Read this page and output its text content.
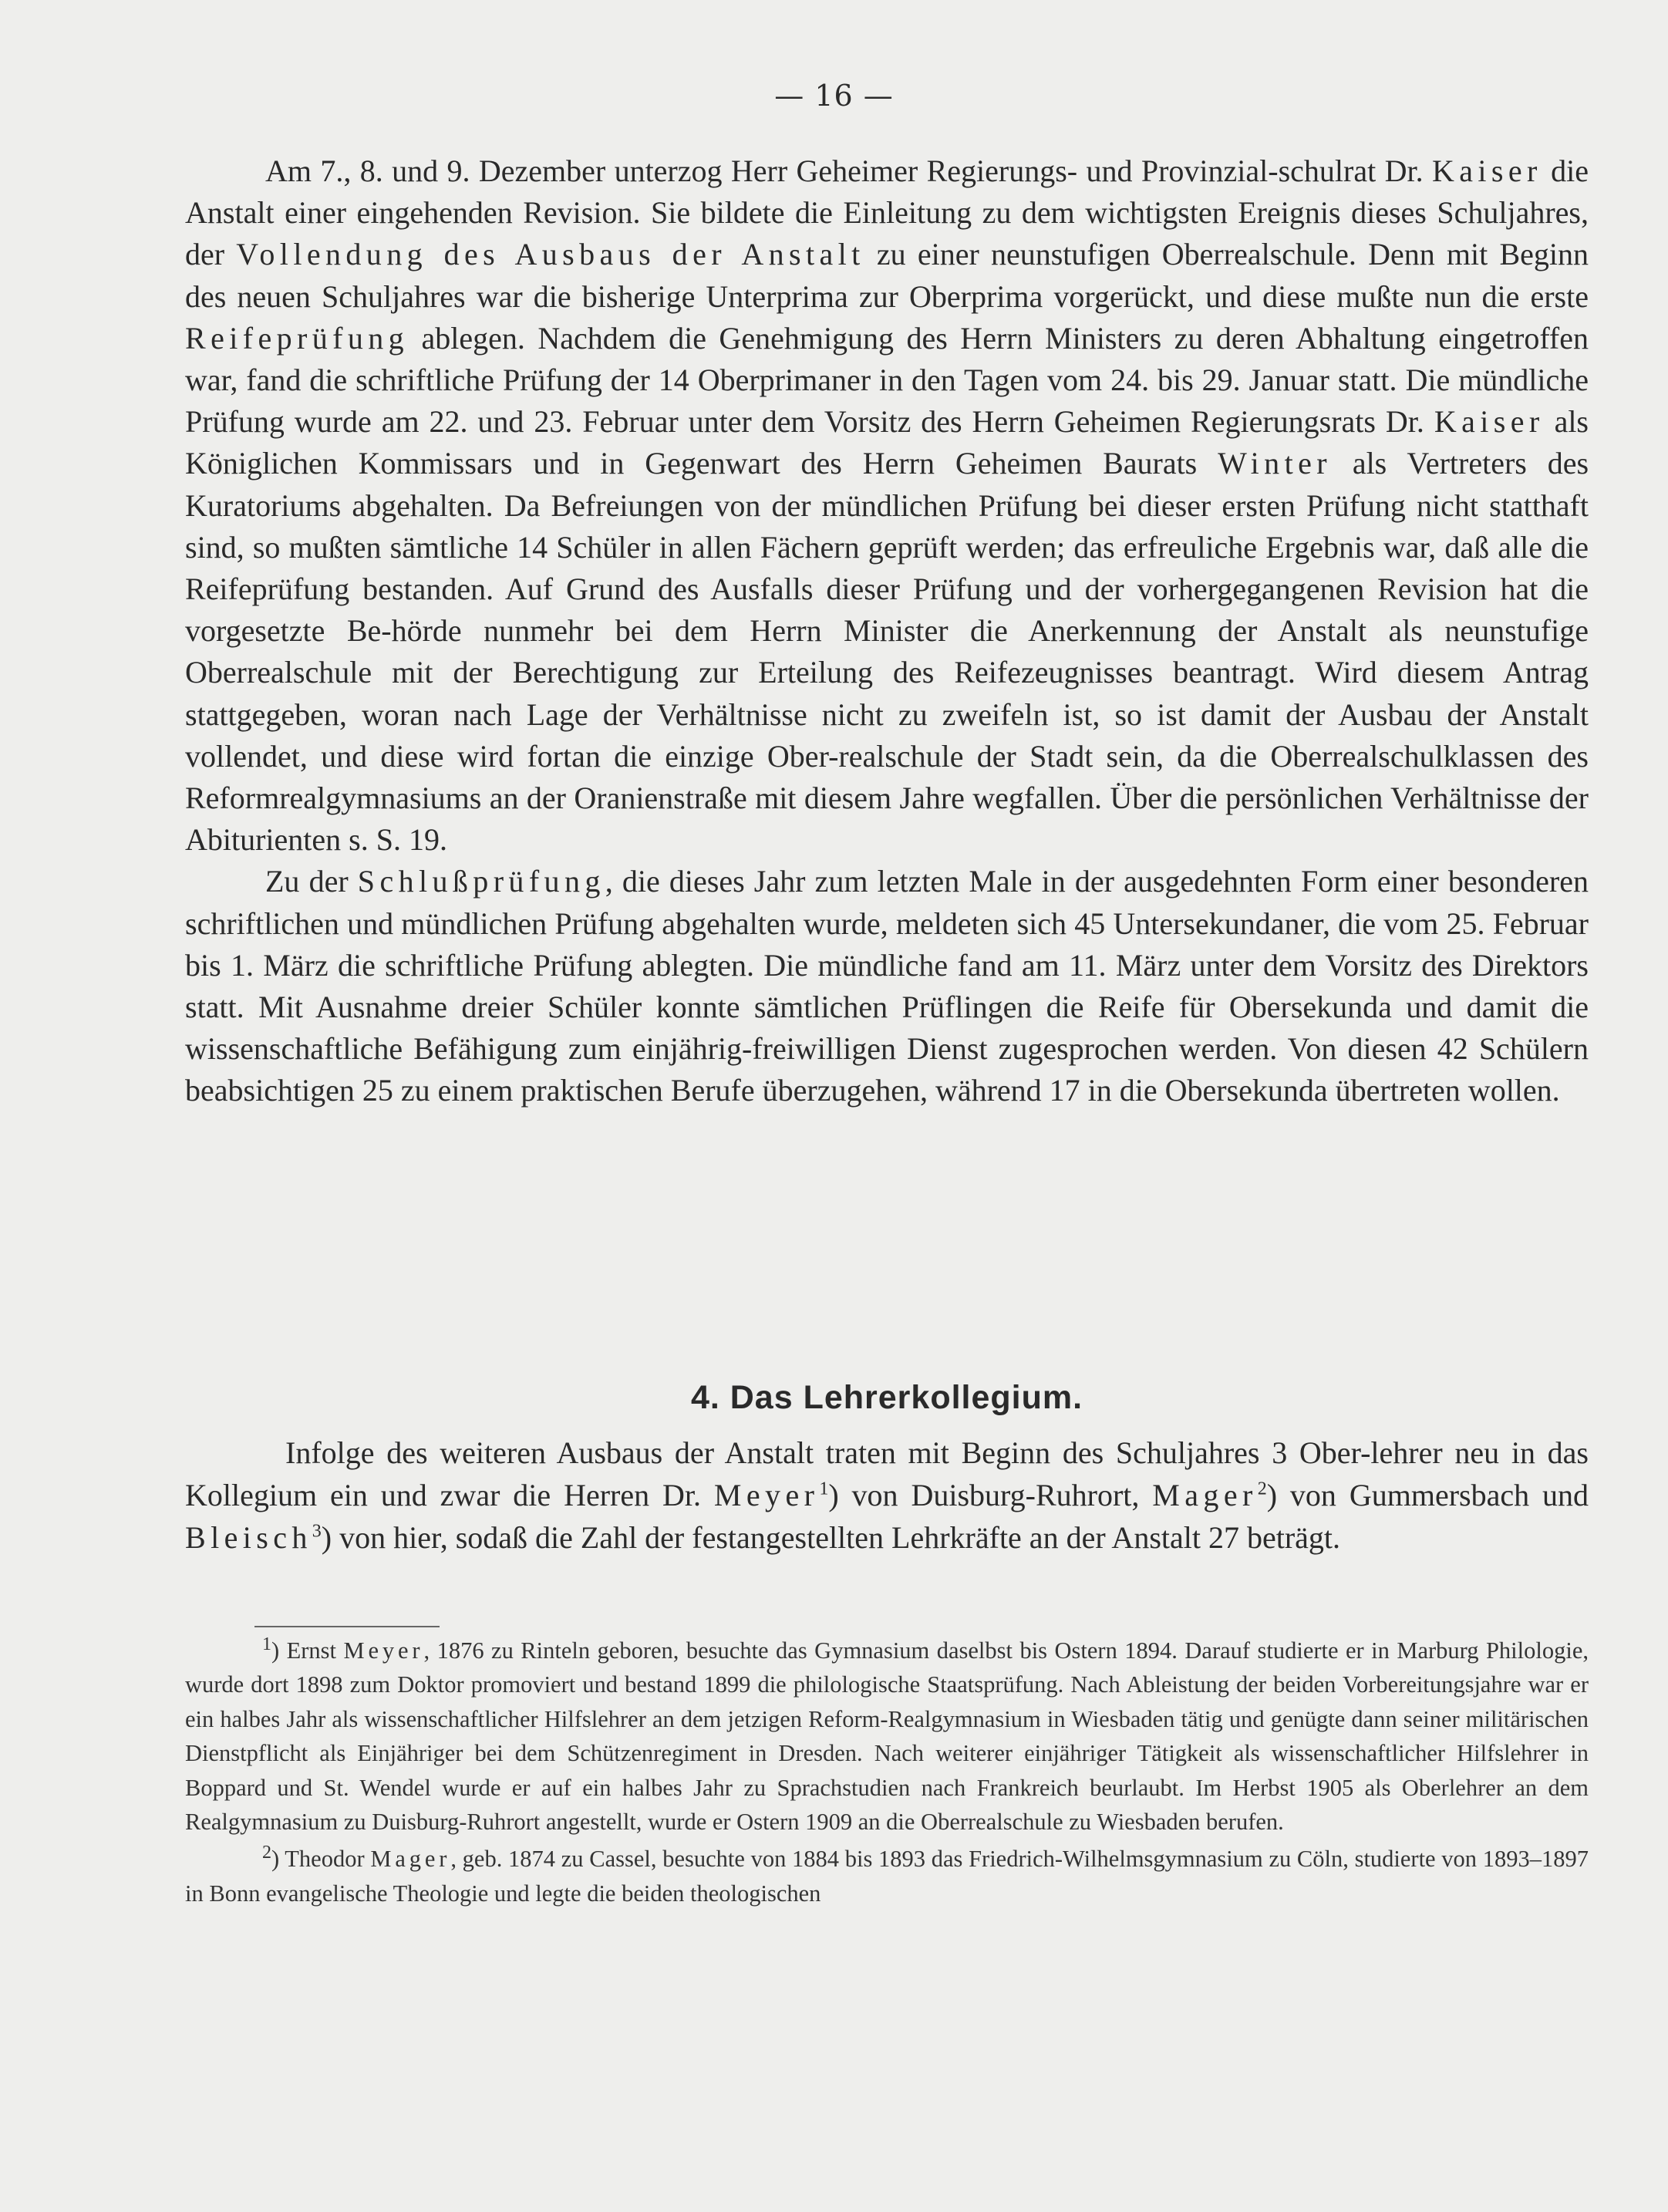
— 16 —

Am 7., 8. und 9. Dezember unterzog Herr Geheimer Regierungs- und Provinzial-schulrat Dr. Kaiser die Anstalt einer eingehenden Revision. Sie bildete die Einleitung zu dem wichtigsten Ereignis dieses Schuljahres, der Vollendung des Ausbaus der Anstalt zu einer neunstufigen Oberrealschule. Denn mit Beginn des neuen Schuljahres war die bisherige Unterprima zur Oberprima vorgerückt, und diese mußte nun die erste Reifeprüfung ablegen. Nachdem die Genehmigung des Herrn Ministers zu deren Abhaltung eingetroffen war, fand die schriftliche Prüfung der 14 Oberprimaner in den Tagen vom 24. bis 29. Januar statt. Die mündliche Prüfung wurde am 22. und 23. Februar unter dem Vorsitz des Herrn Geheimen Regierungsrats Dr. Kaiser als Königlichen Kommissars und in Gegenwart des Herrn Geheimen Baurats Winter als Vertreters des Kuratoriums abgehalten. Da Befreiungen von der mündlichen Prüfung bei dieser ersten Prüfung nicht statthaft sind, so mußten sämtliche 14 Schüler in allen Fächern geprüft werden; das erfreuliche Ergebnis war, daß alle die Reifeprüfung bestanden. Auf Grund des Ausfalls dieser Prüfung und der vorhergegangenen Revision hat die vorgesetzte Be-hörde nunmehr bei dem Herrn Minister die Anerkennung der Anstalt als neunstufige Oberrealschule mit der Berechtigung zur Erteilung des Reifezeugnisses beantragt. Wird diesem Antrag stattgegeben, woran nach Lage der Verhältnisse nicht zu zweifeln ist, so ist damit der Ausbau der Anstalt vollendet, und diese wird fortan die einzige Ober-realschule der Stadt sein, da die Oberrealschulklassen des Reformrealgymnasiums an der Oranienstraße mit diesem Jahre wegfallen. Über die persönlichen Verhältnisse der Abiturienten s. S. 19.

Zu der Schlußprüfung, die dieses Jahr zum letzten Male in der ausgedehnten Form einer besonderen schriftlichen und mündlichen Prüfung abgehalten wurde, meldeten sich 45 Untersekundaner, die vom 25. Februar bis 1. März die schriftliche Prüfung ablegten. Die mündliche fand am 11. März unter dem Vorsitz des Direktors statt. Mit Ausnahme dreier Schüler konnte sämtlichen Prüflingen die Reife für Obersekunda und damit die wissenschaftliche Befähigung zum einjährig-freiwilligen Dienst zugesprochen werden. Von diesen 42 Schülern beabsichtigen 25 zu einem praktischen Berufe überzugehen, während 17 in die Obersekunda übertreten wollen.

4. Das Lehrerkollegium.

Infolge des weiteren Ausbaus der Anstalt traten mit Beginn des Schuljahres 3 Ober-lehrer neu in das Kollegium ein und zwar die Herren Dr. Meyer$^1$) von Duisburg-Ruhrort, Mager$^2$) von Gummersbach und Bleisch$^3$) von hier, sodaß die Zahl der festangestellten Lehrkräfte an der Anstalt 27 beträgt.

$^1$) Ernst Meyer, 1876 zu Rinteln geboren, besuchte das Gymnasium daselbst bis Ostern 1894. Darauf studierte er in Marburg Philologie, wurde dort 1898 zum Doktor promoviert und bestand 1899 die philologische Staatsprüfung. Nach Ableistung der beiden Vorbereitungsjahre war er ein halbes Jahr als wissenschaftlicher Hilfslehrer an dem jetzigen Reform-Realgymnasium in Wiesbaden tätig und genügte dann seiner militärischen Dienstpflicht als Einjähriger bei dem Schützenregiment in Dresden. Nach weiterer einjähriger Tätigkeit als wissenschaftlicher Hilfslehrer in Boppard und St. Wendel wurde er auf ein halbes Jahr zu Sprachstudien nach Frankreich beurlaubt. Im Herbst 1905 als Oberlehrer an dem Realgymnasium zu Duisburg-Ruhrort angestellt, wurde er Ostern 1909 an die Oberrealschule zu Wiesbaden berufen.

$^2$) Theodor Mager, geb. 1874 zu Cassel, besuchte von 1884 bis 1893 das Friedrich-Wilhelmsgymnasium zu Cöln, studierte von 1893–1897 in Bonn evangelische Theologie und legte die beiden theologischen
